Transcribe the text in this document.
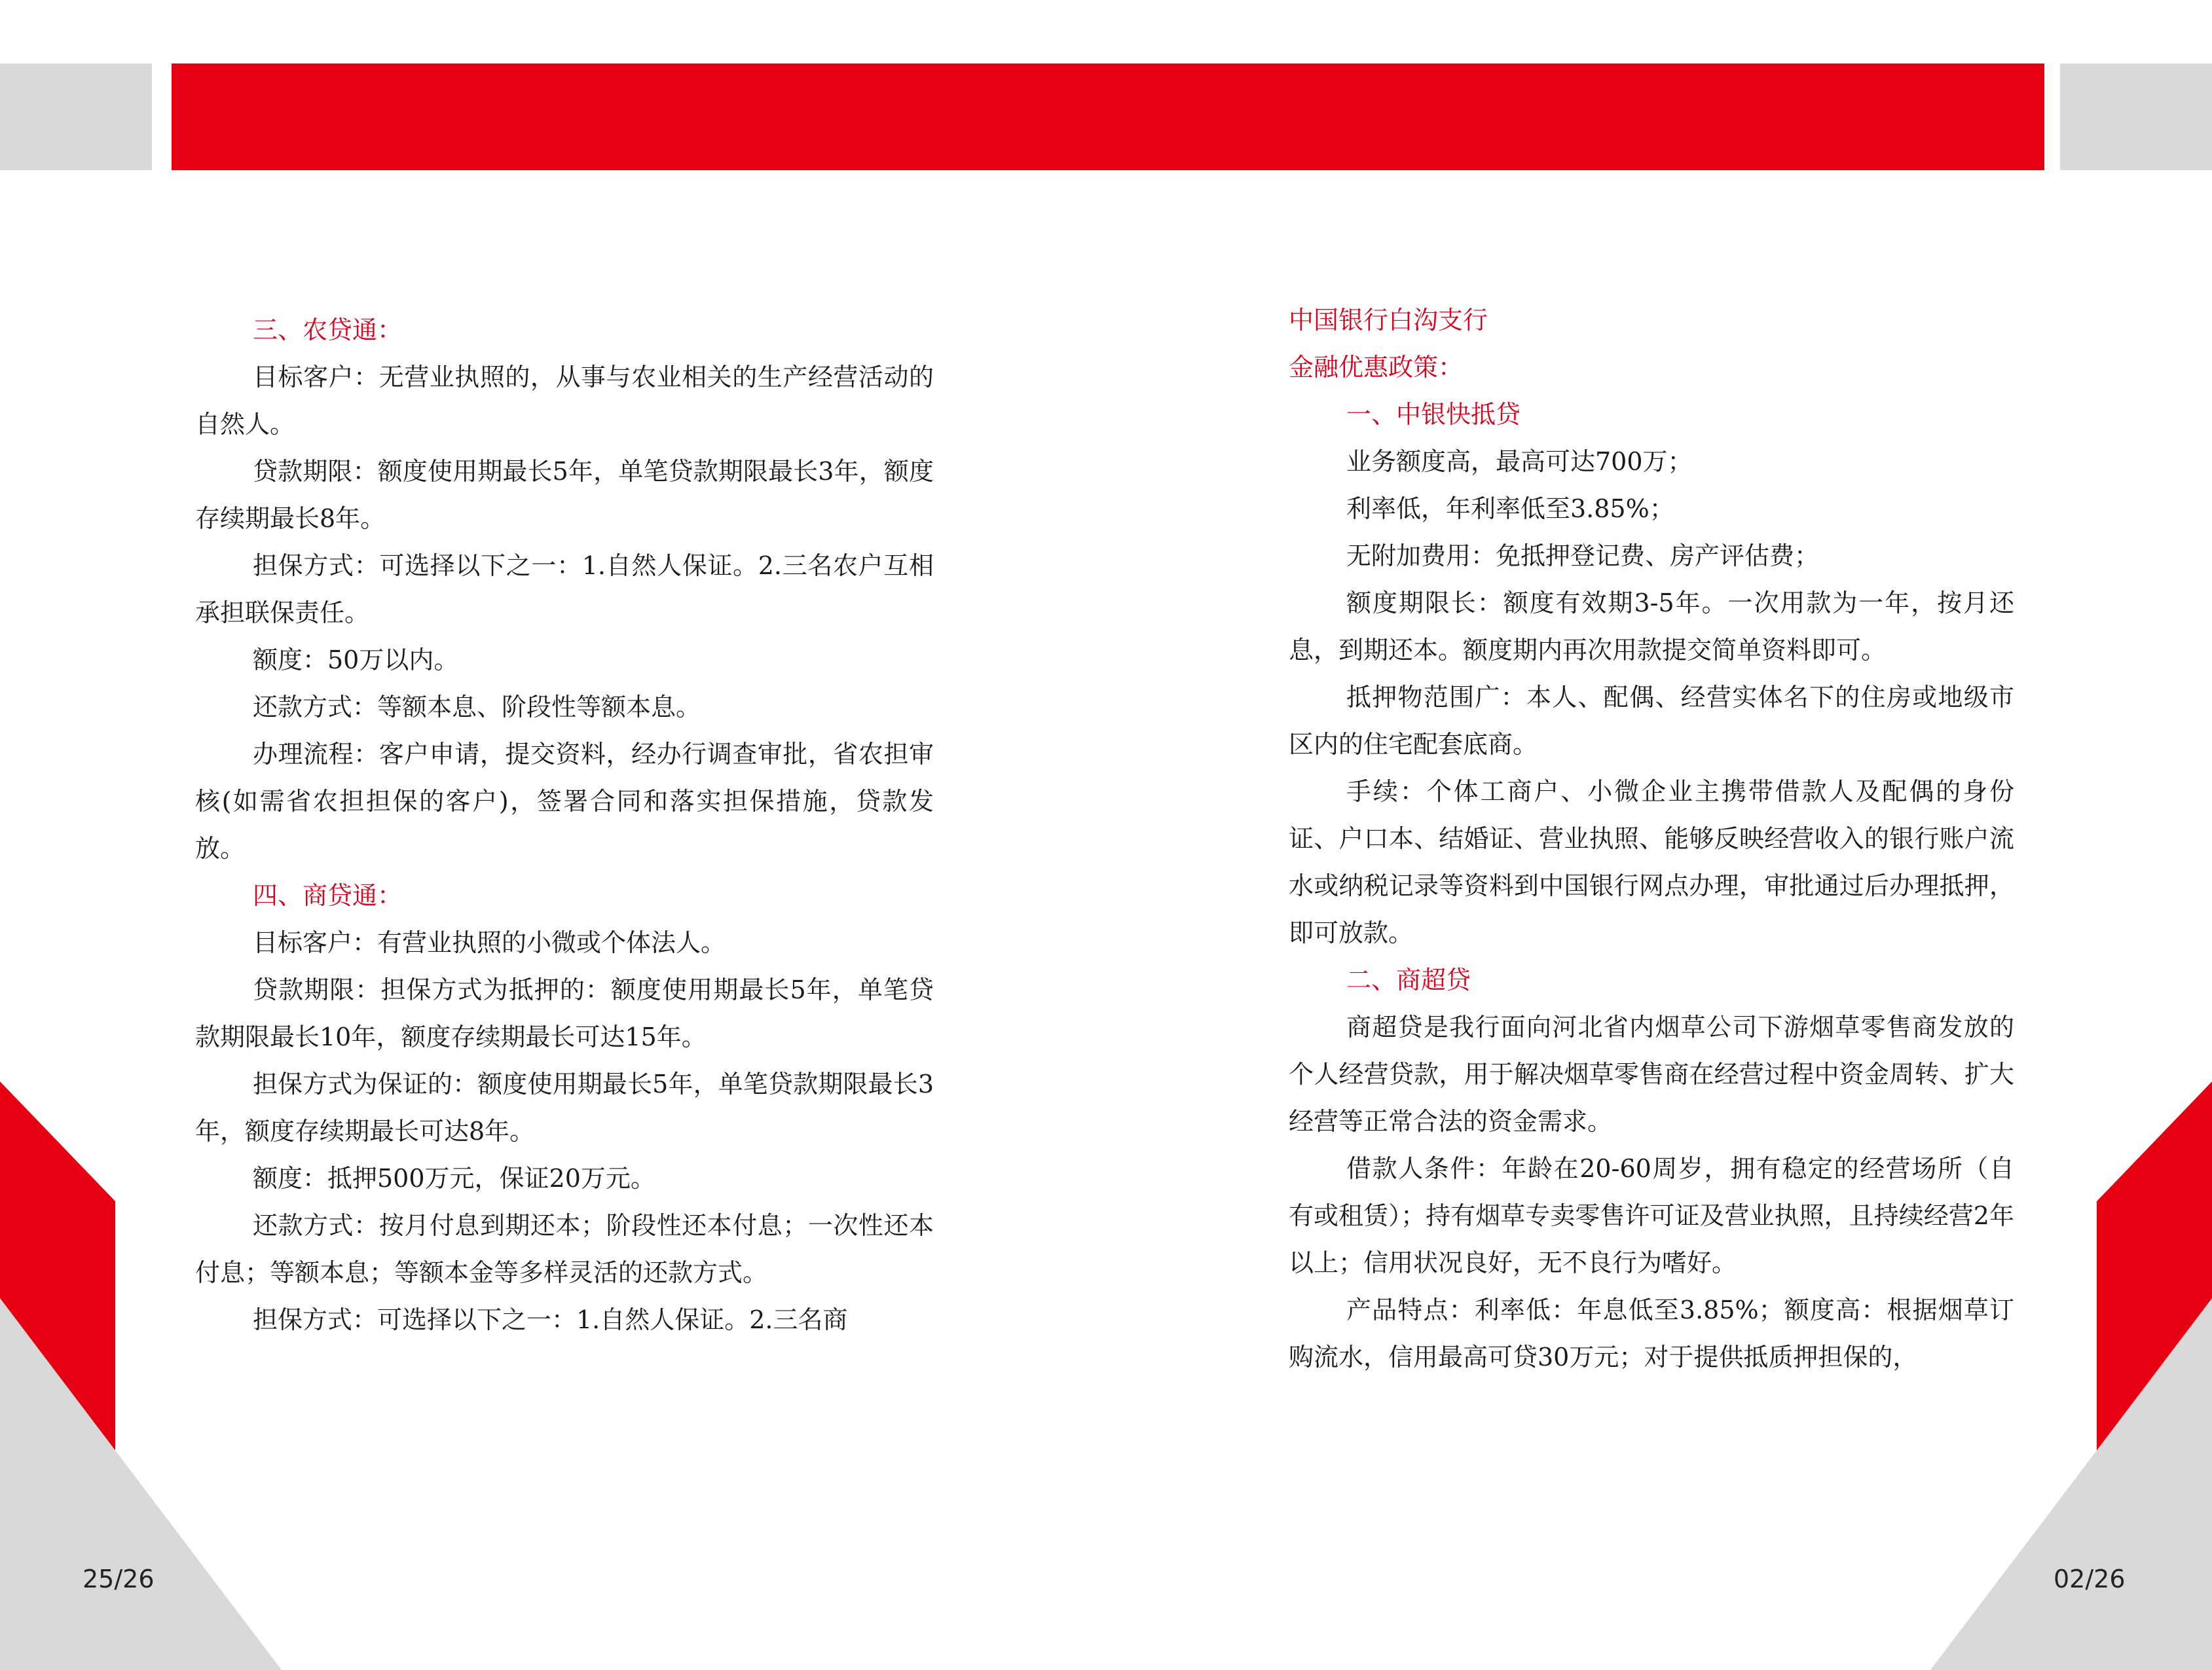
三、农贷通：

目标客户：无营业执照的，从事与农业相关的生产经营活动的自然人。

贷款期限：额度使用期最长5年，单笔贷款期限最长3年，额度存续期最长8年。

担保方式：可选择以下之一：1.自然人保证。2.三名农户互相承担联保责任。

额度：50万以内。

还款方式：等额本息、阶段性等额本息。

办理流程：客户申请，提交资料，经办行调查审批，省农担审核(如需省农担担保的客户)，签署合同和落实担保措施，贷款发放。

四、商贷通：

目标客户：有营业执照的小微或个体法人。

贷款期限：担保方式为抵押的：额度使用期最长5年，单笔贷款期限最长10年，额度存续期最长可达15年。

担保方式为保证的：额度使用期最长5年，单笔贷款期限最长3年，额度存续期最长可达8年。

额度：抵押500万元，保证20万元。

还款方式：按月付息到期还本；阶段性还本付息；一次性还本付息；等额本息；等额本金等多样灵活的还款方式。

担保方式：可选择以下之一：1.自然人保证。2.三名商

中国银行白沟支行

金融优惠政策：

一、中银快抵贷

业务额度高，最高可达700万；

利率低，年利率低至3.85%；

无附加费用：免抵押登记费、房产评估费；

额度期限长：额度有效期3-5年。一次用款为一年，按月还息，到期还本。额度期内再次用款提交简单资料即可。

抵押物范围广：本人、配偶、经营实体名下的住房或地级市区内的住宅配套底商。

手续：个体工商户、小微企业主携带借款人及配偶的身份证、户口本、结婚证、营业执照、能够反映经营收入的银行账户流水或纳税记录等资料到中国银行网点办理，审批通过后办理抵押，即可放款。

二、商超贷

商超贷是我行面向河北省内烟草公司下游烟草零售商发放的个人经营贷款，用于解决烟草零售商在经营过程中资金周转、扩大经营等正常合法的资金需求。

借款人条件：年龄在20-60周岁，拥有稳定的经营场所（自有或租赁）；持有烟草专卖零售许可证及营业执照，且持续经营2年以上；信用状况良好，无不良行为嗜好。

产品特点：利率低：年息低至3.85%；额度高：根据烟草订购流水，信用最高可贷30万元；对于提供抵质押担保的，

25/26	02/26
